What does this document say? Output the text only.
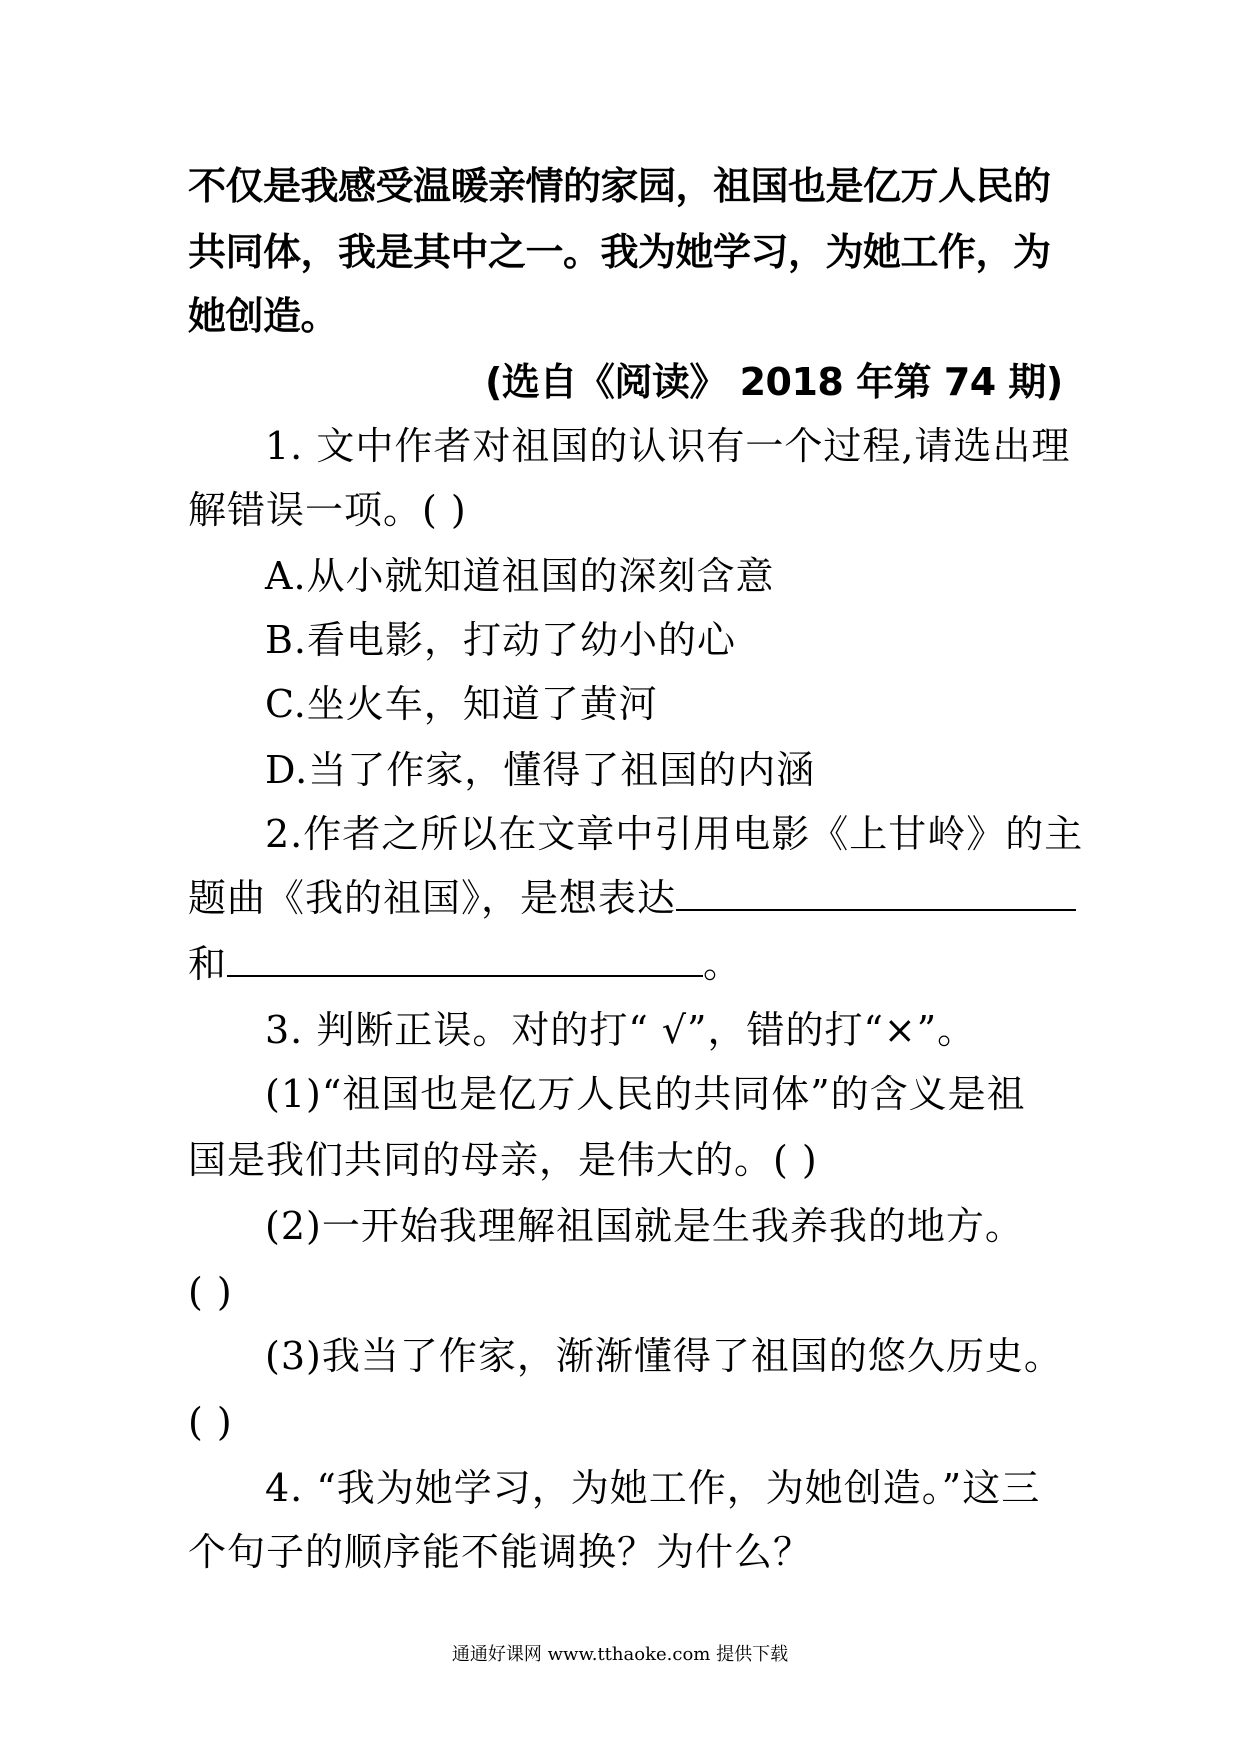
不仅是我感受温暖亲情的家园，祖国也是亿万人民的
共同体，我是其中之一。我为她学习，为她工作，为
她创造。
(选自《阅读》 2018 年第 74 期)
1. 文中作者对祖国的认识有一个过程,请选出理
解错误一项。( )
A.从小就知道祖国的深刻含意
B.看电影，打动了幼小的心
C.坐火车，知道了黄河
D.当了作家，懂得了祖国的内涵
2.作者之所以在文章中引用电影《上甘岭》的主
题曲《我的祖国》，是想表达
和	。
3. 判断正误。对的打“ √”，错的打“×”。
(1)“祖国也是亿万人民的共同体”的含义是祖
国是我们共同的母亲，是伟大的。( )
(2)一开始我理解祖国就是生我养我的地方。
( )
(3)我当了作家，渐渐懂得了祖国的悠久历史。
( )
4. “我为她学习，为她工作，为她创造。”这三
个句子的顺序能不能调换？为什么？
通通好课网 www.tthaoke.com 提供下载
